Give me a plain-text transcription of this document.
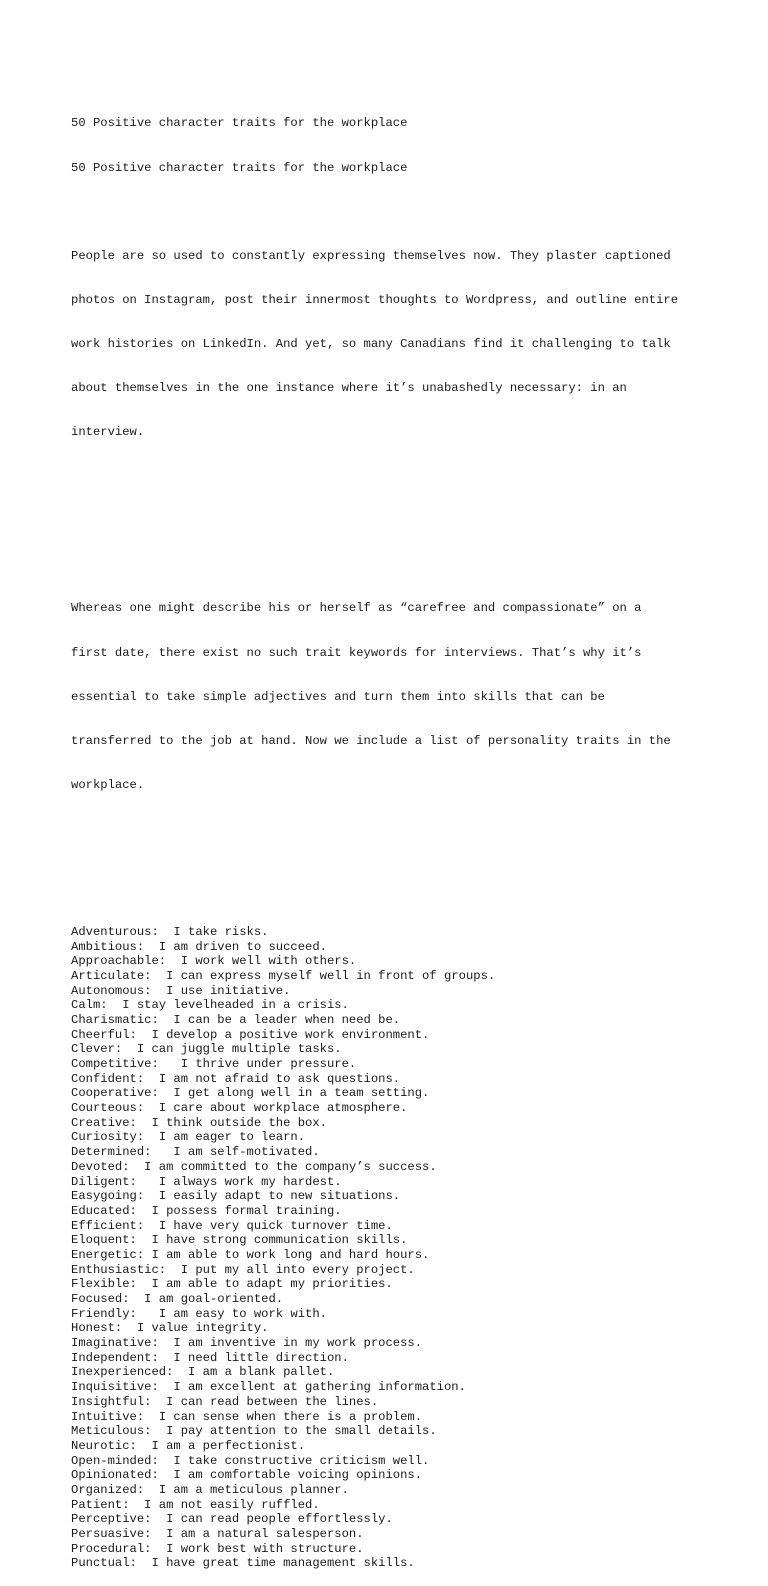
50 Positive character traits for the workplace

50 Positive character traits for the workplace

People are so used to constantly expressing themselves now. They plaster captioned

photos on Instagram, post their innermost thoughts to Wordpress, and outline entire

work histories on LinkedIn. And yet, so many Canadians find it challenging to talk

about themselves in the one instance where it’s unabashedly necessary: in an

interview.

Whereas one might describe his or herself as “carefree and compassionate” on a

first date, there exist no such trait keywords for interviews. That’s why it’s

essential to take simple adjectives and turn them into skills that can be

transferred to the job at hand. Now we include a list of personality traits in the

workplace.

Adventurous:  I take risks.
Ambitious:  I am driven to succeed.
Approachable:  I work well with others.
Articulate:  I can express myself well in front of groups.
Autonomous:  I use initiative.
Calm:  I stay levelheaded in a crisis.
Charismatic:  I can be a leader when need be.
Cheerful:  I develop a positive work environment.
Clever:  I can juggle multiple tasks.
Competitive:   I thrive under pressure.
Confident:  I am not afraid to ask questions.
Cooperative:  I get along well in a team setting.
Courteous:  I care about workplace atmosphere.
Creative:  I think outside the box.
Curiosity:  I am eager to learn.
Determined:   I am self-motivated.
Devoted:  I am committed to the company’s success.
Diligent:   I always work my hardest.
Easygoing:  I easily adapt to new situations.
Educated:  I possess formal training.
Efficient:  I have very quick turnover time.
Eloquent:  I have strong communication skills.
Energetic: I am able to work long and hard hours.
Enthusiastic:  I put my all into every project.
Flexible:  I am able to adapt my priorities.
Focused:  I am goal-oriented.
Friendly:   I am easy to work with.
Honest:  I value integrity.
Imaginative:  I am inventive in my work process.
Independent:  I need little direction.
Inexperienced:  I am a blank pallet.
Inquisitive:  I am excellent at gathering information.
Insightful:  I can read between the lines.
Intuitive:  I can sense when there is a problem.
Meticulous:  I pay attention to the small details.
Neurotic:  I am a perfectionist.
Open-minded:  I take constructive criticism well.
Opinionated:  I am comfortable voicing opinions.
Organized:  I am a meticulous planner.
Patient:  I am not easily ruffled.
Perceptive:  I can read people effortlessly.
Persuasive:  I am a natural salesperson.
Procedural:  I work best with structure.
Punctual:  I have great time management skills.
